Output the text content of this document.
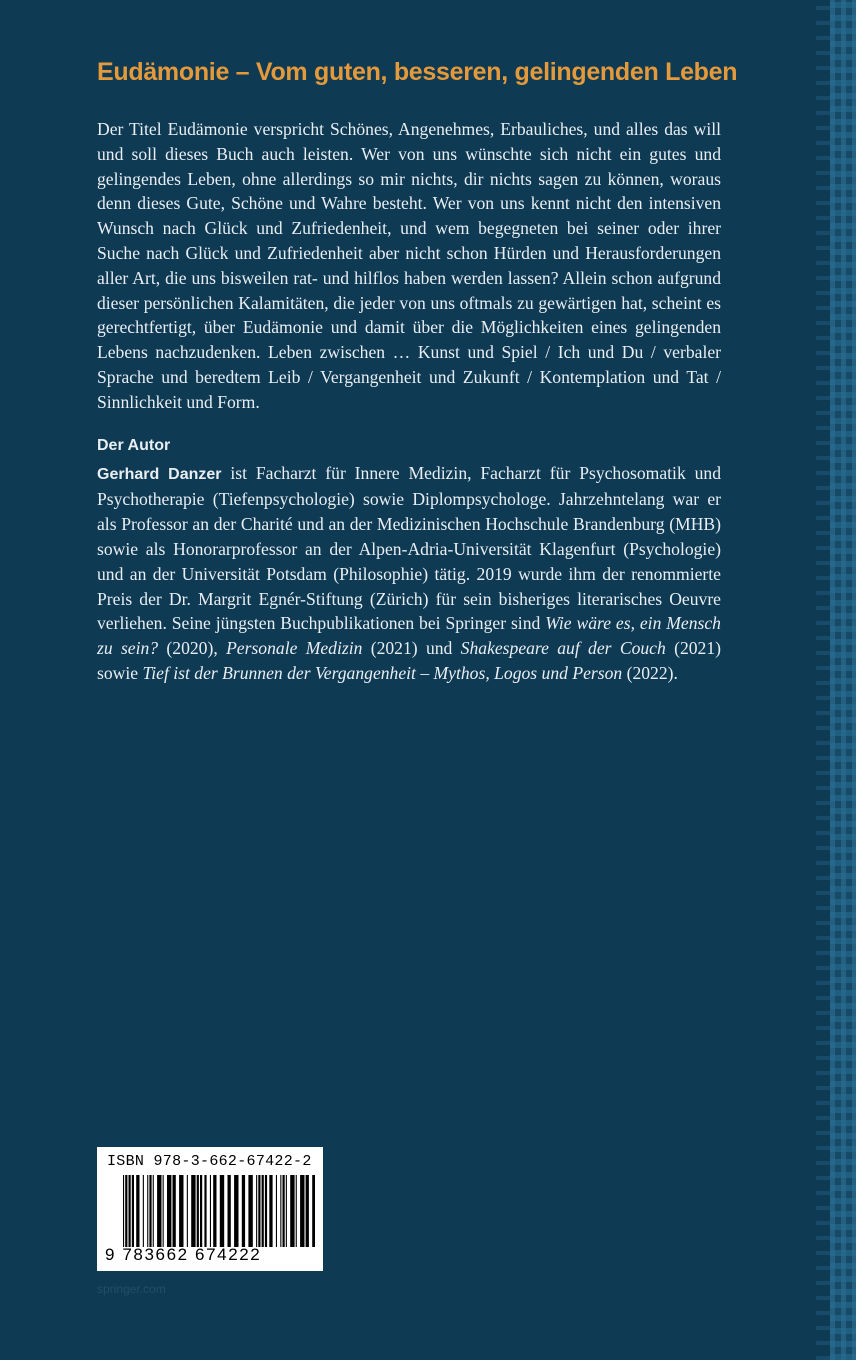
Eudämonie – Vom guten, besseren, gelingenden Leben

Der Titel Eudämonie verspricht Schönes, Angenehmes, Erbauliches, und alles das will und soll dieses Buch auch leisten. Wer von uns wünschte sich nicht ein gutes und gelingendes Leben, ohne allerdings so mir nichts, dir nichts sagen zu können, woraus denn dieses Gute, Schöne und Wahre besteht. Wer von uns kennt nicht den intensiven Wunsch nach Glück und Zufriedenheit, und wem begegneten bei seiner oder ihrer Suche nach Glück und Zufriedenheit aber nicht schon Hürden und Herausforderungen aller Art, die uns bisweilen rat- und hilflos haben werden lassen? Allein schon aufgrund dieser persönlichen Kalamitäten, die jeder von uns oftmals zu gewärtigen hat, scheint es gerechtfertigt, über Eudämonie und damit über die Möglichkeiten eines gelingenden Lebens nachzudenken. Leben zwischen … Kunst und Spiel / Ich und Du / verbaler Sprache und beredtem Leib / Vergangenheit und Zukunft / Kontemplation und Tat / Sinnlichkeit und Form.

Der Autor

Gerhard Danzer ist Facharzt für Innere Medizin, Facharzt für Psychosomatik und Psychotherapie (Tiefenpsychologie) sowie Diplompsychologe. Jahrzehntelang war er als Professor an der Charité und an der Medizinischen Hochschule Brandenburg (MHB) sowie als Honorarprofessor an der Alpen-Adria-Universität Klagenfurt (Psychologie) und an der Universität Potsdam (Philosophie) tätig. 2019 wurde ihm der renommierte Preis der Dr. Margrit Egnér-Stiftung (Zürich) für sein bisheriges literarisches Oeuvre verliehen. Seine jüngsten Buchpublikationen bei Springer sind Wie wäre es, ein Mensch zu sein? (2020), Personale Medizin (2021) und Shakespeare auf der Couch (2021) sowie Tief ist der Brunnen der Vergangenheit – Mythos, Logos und Person (2022).

ISBN 978-3-662-67422-2
9 783662 674222
springer.com
